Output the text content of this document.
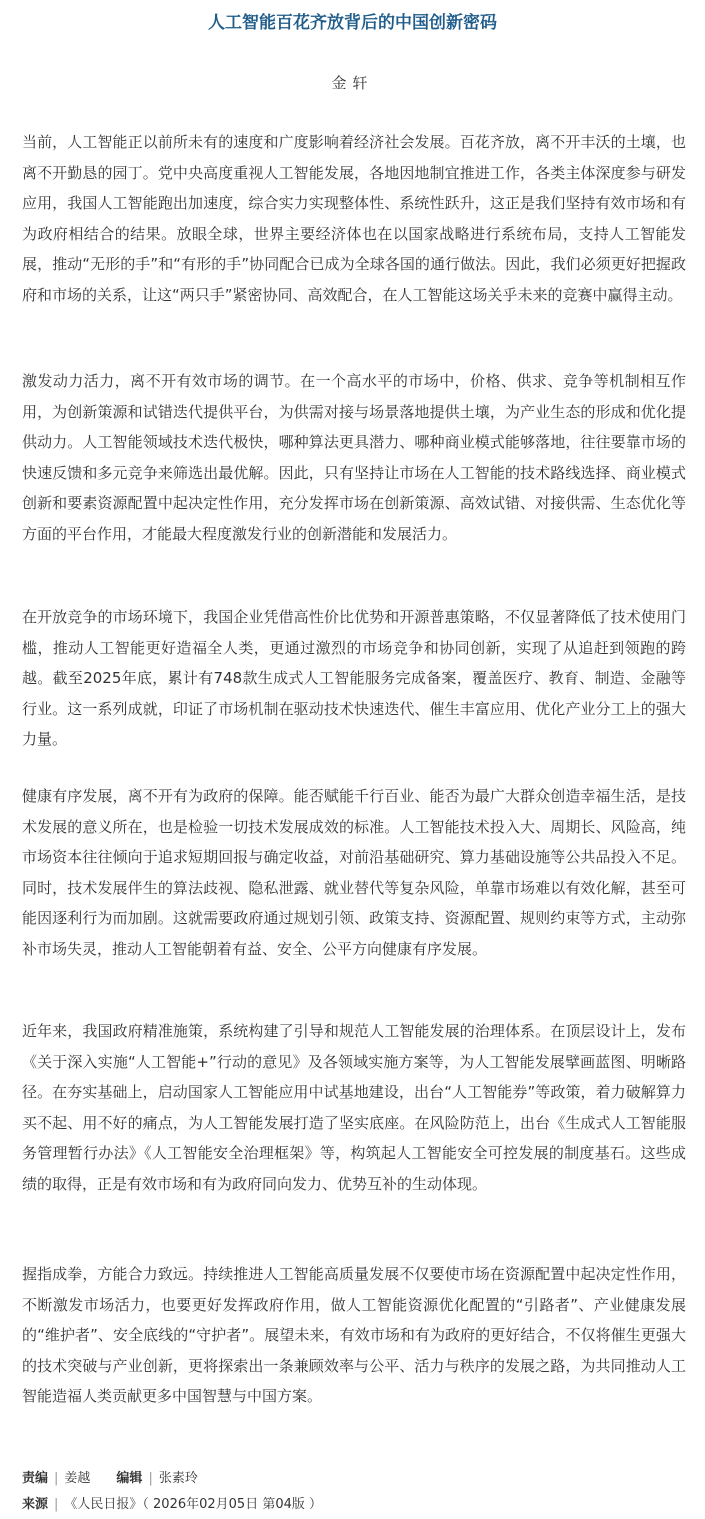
人工智能百花齐放背后的中国创新密码
金轩

当前，人工智能正以前所未有的速度和广度影响着经济社会发展。百花齐放，离不开丰沃的土壤，也离不开勤恳的园丁。党中央高度重视人工智能发展，各地因地制宜推进工作，各类主体深度参与研发应用，我国人工智能跑出加速度，综合实力实现整体性、系统性跃升，这正是我们坚持有效市场和有为政府相结合的结果。放眼全球，世界主要经济体也在以国家战略进行系统布局，支持人工智能发展，推动“无形的手”和“有形的手”协同配合已成为全球各国的通行做法。因此，我们必须更好把握政府和市场的关系，让这“两只手”紧密协同、高效配合，在人工智能这场关乎未来的竞赛中赢得主动。

激发动力活力，离不开有效市场的调节。在一个高水平的市场中，价格、供求、竞争等机制相互作用，为创新策源和试错迭代提供平台，为供需对接与场景落地提供土壤，为产业生态的形成和优化提供动力。人工智能领域技术迭代极快，哪种算法更具潜力、哪种商业模式能够落地，往往要靠市场的快速反馈和多元竞争来筛选出最优解。因此，只有坚持让市场在人工智能的技术路线选择、商业模式创新和要素资源配置中起决定性作用，充分发挥市场在创新策源、高效试错、对接供需、生态优化等方面的平台作用，才能最大程度激发行业的创新潜能和发展活力。

在开放竞争的市场环境下，我国企业凭借高性价比优势和开源普惠策略，不仅显著降低了技术使用门槛，推动人工智能更好造福全人类，更通过激烈的市场竞争和协同创新，实现了从追赶到领跑的跨越。截至2025年底，累计有748款生成式人工智能服务完成备案，覆盖医疗、教育、制造、金融等行业。这一系列成就，印证了市场机制在驱动技术快速迭代、催生丰富应用、优化产业分工上的强大力量。

健康有序发展，离不开有为政府的保障。能否赋能千行百业、能否为最广大群众创造幸福生活，是技术发展的意义所在，也是检验一切技术发展成效的标准。人工智能技术投入大、周期长、风险高，纯市场资本往往倾向于追求短期回报与确定收益，对前沿基础研究、算力基础设施等公共品投入不足。同时，技术发展伴生的算法歧视、隐私泄露、就业替代等复杂风险，单靠市场难以有效化解，甚至可能因逐利行为而加剧。这就需要政府通过规划引领、政策支持、资源配置、规则约束等方式，主动弥补市场失灵，推动人工智能朝着有益、安全、公平方向健康有序发展。

近年来，我国政府精准施策，系统构建了引导和规范人工智能发展的治理体系。在顶层设计上，发布《关于深入实施“人工智能+”行动的意见》及各领域实施方案等，为人工智能发展擘画蓝图、明晰路径。在夯实基础上，启动国家人工智能应用中试基地建设，出台“人工智能券”等政策，着力破解算力买不起、用不好的痛点，为人工智能发展打造了坚实底座。在风险防范上，出台《生成式人工智能服务管理暂行办法》《人工智能安全治理框架》等，构筑起人工智能安全可控发展的制度基石。这些成绩的取得，正是有效市场和有为政府同向发力、优势互补的生动体现。

握指成拳，方能合力致远。持续推进人工智能高质量发展不仅要使市场在资源配置中起决定性作用，不断激发市场活力，也要更好发挥政府作用，做人工智能资源优化配置的“引路者”、产业健康发展的“维护者”、安全底线的“守护者”。展望未来，有效市场和有为政府的更好结合，不仅将催生更强大的技术突破与产业创新，更将探索出一条兼顾效率与公平、活力与秩序的发展之路，为共同推动人工智能造福人类贡献更多中国智慧与中国方案。

责编 | 姜越 编辑 | 张素玲
来源 | 《人民日报》（ 2026年02月05日 第04版 ）
